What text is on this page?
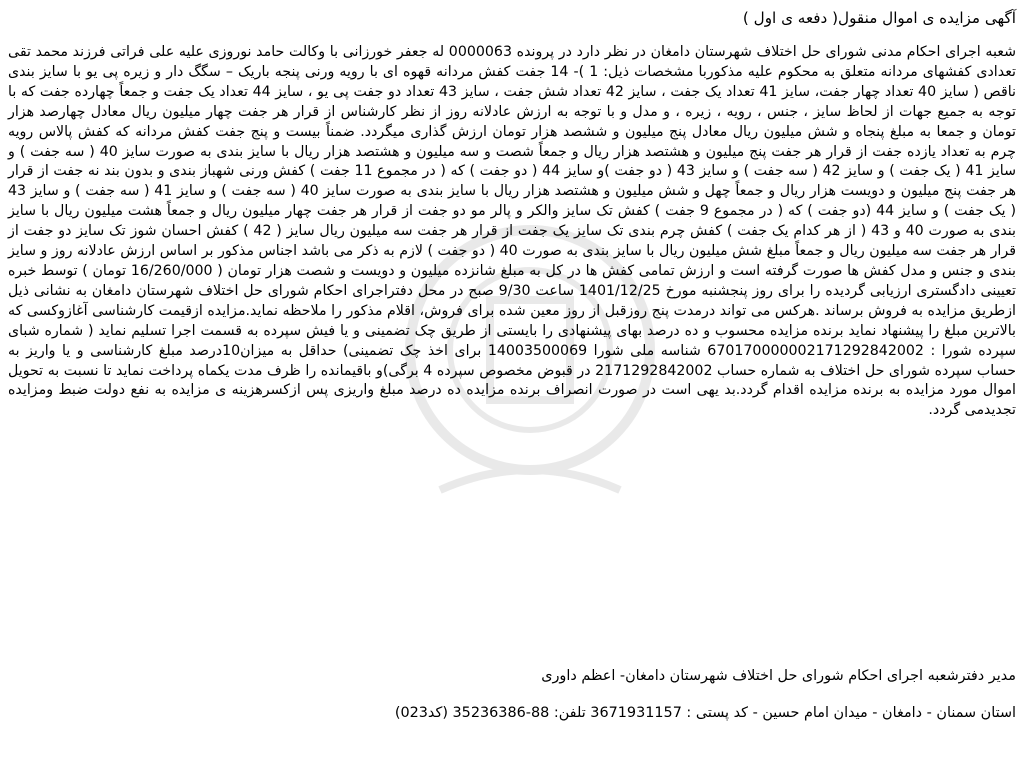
آگهی مزایده ی اموال منقول( دفعه ی اول )

شعبه اجرای احکام مدنی شورای حل اختلاف شهرستان دامغان در نظر دارد در پرونده 0000063 له جعفر خورزانی با وکالت حامد نوروزی علیه علی فراتی فرزند محمد تقی تعدادی کفشهای مردانه متعلق به محکوم علیه مذکوربا مشخصات ذیل: 1 )- 14 جفت کفش مردانه قهوه ای با رویه ورنی پنجه باریک – سگگ دار و زیره پی یو با سایز بندی ناقص ( سایز 40 تعداد چهار جفت، سایز 41 تعداد یک جفت ، سایز 42 تعداد شش جفت ، سایز 43 تعداد دو جفت پی یو ، سایز 44 تعداد یک جفت و جمعاً چهارده جفت که با توجه به جمیع جهات از لحاظ سایز ، جنس ، رویه ، زیره ، و مدل و با توجه به ارزش عادلانه روز از نظر کارشناس از قرار هر جفت چهار میلیون ریال معادل چهارصد هزار تومان و جمعا به مبلغ پنجاه و شش میلیون ریال معادل پنج میلیون و ششصد هزار تومان ارزش گذاری میگردد. ضمناً بیست و پنج جفت کفش مردانه که کفش پالاس رویه چرم به تعداد یازده جفت از قرار هر جفت پنج میلیون و هشتصد هزار ریال و جمعاً شصت و سه میلیون و هشتصد هزار ریال با سایز بندی به صورت سایز 40 ( سه جفت ) و سایز 41 ( یک جفت ) و سایز 42 ( سه جفت ) و سایز 43 ( دو جفت )و سایز 44 ( دو جفت ) که ( در مجموع 11 جفت ) کفش ورنی شهباز بندی و بدون بند نه جفت از قرار هر جفت پنج میلیون و دویست هزار ریال و جمعاً چهل و شش میلیون و هشتصد هزار ریال با سایز بندی به صورت سایز 40 ( سه جفت ) و سایز 41 ( سه جفت ) و سایز 43 ( یک جفت ) و سایز 44 (دو جفت ) که ( در مجموع 9 جفت ) کفش تک سایز والکر و پالر مو دو جفت از قرار هر جفت چهار میلیون ریال و جمعاً هشت میلیون ریال با سایز بندی به صورت 40 و 43 ( از هر کدام یک جفت ) کفش چرم بندی تک سایز یک جفت از قرار هر جفت سه میلیون ریال سایز ( 42 ) کفش احسان شوز تک سایز دو جفت از قرار هر جفت سه میلیون ریال و جمعاً مبلغ شش میلیون ریال با سایز بندی به صورت 40 ( دو جفت ) لازم به ذکر می باشد اجناس مذکور بر اساس ارزش عادلانه روز و سایز بندی و جنس و مدل کفش ها صورت گرفته است و ارزش تمامی کفش ها در کل به مبلغ شانزده میلیون و دویست و شصت هزار تومان ( 16/260/000 تومان ) توسط خبره تعیینی دادگستری ارزیابی گردیده را برای روز پنجشنبه مورخ 1401/12/25 ساعت 9/30 صبح در محل دفتراجرای احکام شورای حل اختلاف شهرستان دامغان به نشانی ذیل ازطریق مزایده به فروش برساند .هرکس می تواند درمدت پنج روزقبل از روز معین شده برای فروش، اقلام مذکور را ملاحظه نماید.مزایده ازقیمت کارشناسی آغازوکسی که بالاترین مبلغ را پیشنهاد نماید برنده مزایده محسوب و ده درصد بهای پیشنهادی را بایستی از طریق چک تضمینی و یا فیش سپرده به قسمت اجرا تسلیم نماید ( شماره شبای سپرده شورا : 670170000002171292842002 شناسه ملی شورا 14003500069 برای اخذ چک تضمینی) حداقل به میزان10درصد مبلغ کارشناسی و یا واریز به حساب سپرده شورای حل اختلاف به شماره حساب 2171292842002 در قبوض مخصوص سپرده 4 برگی)و باقیمانده را ظرف مدت یکماه پرداخت نماید تا نسبت به تحویل اموال مورد مزایده به برنده مزایده اقدام گردد.بد یهی است در صورت انصراف برنده مزایده ده درصد مبلغ واریزی پس ازکسرهزینه ی مزایده به نفع دولت ضبط ومزایده تجدیدمی گردد.

مدیر دفترشعبه اجرای احکام شورای حل اختلاف شهرستان دامغان- اعظم داوری
استان سمنان - دامغان - میدان امام حسین - کد پستی : 3671931157 تلفن: 88-35236386 (کد023)
